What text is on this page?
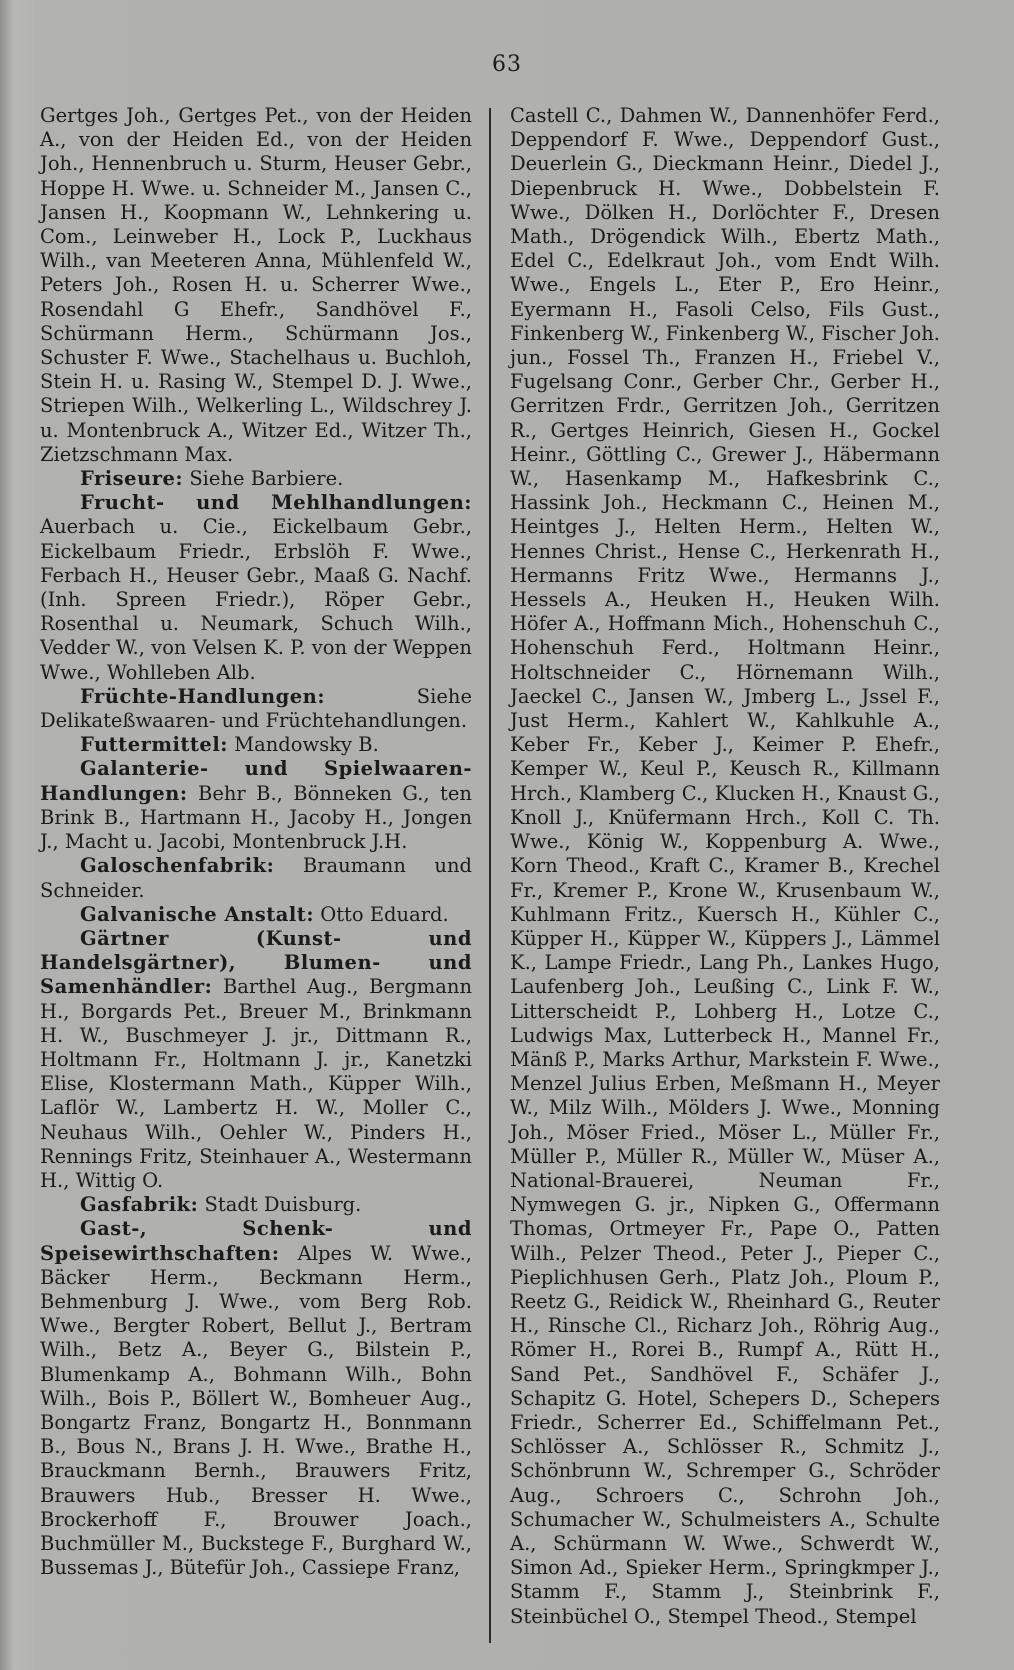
63

Gertges Joh., Gertges Pet., von der Heiden A., von der Heiden Ed., von der Heiden Joh., Hennenbruch u. Sturm, Heuser Gebr., Hoppe H. Wwe. u. Schneider M., Jansen C., Jansen H., Koopmann W., Lehnkering u. Com., Leinweber H., Lock P., Luckhaus Wilh., van Meeteren Anna, Mühlenfeld W., Peters Joh., Rosen H. u. Scherrer Wwe., Rosendahl G Ehefr., Sandhövel F., Schürmann Herm., Schürmann Jos., Schuster F. Wwe., Stachelhaus u. Buchloh, Stein H. u. Rasing W., Stempel D. J. Wwe., Striepen Wilh., Welkerling L., Wildschrey J. u. Montenbruck A., Witzer Ed., Witzer Th., Zietzschmann Max.

Friseure: Siehe Barbiere.

Frucht- und Mehlhandlungen: Auerbach u. Cie., Eickelbaum Gebr., Eickelbaum Friedr., Erbslöh F. Wwe., Ferbach H., Heuser Gebr., Maaß G. Nachf. (Inh. Spreen Friedr.), Röper Gebr., Rosenthal u. Neumark, Schuch Wilh., Vedder W., von Velsen K. P. von der Weppen Wwe., Wohlleben Alb.

Früchte-Handlungen:	Siehe Delikateßwaaren- und Früchtehandlungen.

Futtermittel: Mandowsky B.

Galanterie- und Spielwaaren-Handlungen: Behr B., Bönneken G., ten Brink B., Hartmann H., Jacoby H., Jongen J., Macht u. Jacobi, Montenbruck J.H.

Galoschenfabrik: Braumann und Schneider.

Galvanische Anstalt: Otto Eduard.

Gärtner (Kunst- und Handelsgärtner), Blumen- und Samenhändler: Barthel Aug., Bergmann H., Borgards Pet., Breuer M., Brinkmann H. W., Buschmeyer J. jr., Dittmann R., Holtmann Fr., Holtmann J. jr., Kanetzki Elise, Klostermann Math., Küpper Wilh., Laflör W., Lambertz H. W., Moller C., Neuhaus Wilh., Oehler W., Pinders H., Rennings Fritz, Steinhauer A., Westermann H., Wittig O.

Gasfabrik: Stadt Duisburg.

Gast-, Schenk- und Speisewirthschaften: Alpes W. Wwe., Bäcker Herm., Beckmann Herm., Behmenburg J. Wwe., vom Berg Rob. Wwe., Bergter Robert, Bellut J., Bertram Wilh., Betz A., Beyer G., Bilstein P., Blumenkamp A., Bohmann Wilh., Bohn Wilh., Bois P., Böllert W., Bomheuer Aug., Bongartz Franz, Bongartz H., Bonnmann B., Bous N., Brans J. H. Wwe., Brathe H., Brauckmann Bernh., Brauwers Fritz, Brauwers Hub., Bresser H. Wwe., Brockerhoff F., Brouwer Joach., Buchmüller M., Buckstege F., Burghard W., Bussemas J., Bütefür Joh., Cassiepe Franz,

Castell C., Dahmen W., Dannenhöfer Ferd., Deppendorf F. Wwe., Deppendorf Gust., Deuerlein G., Dieckmann Heinr., Diedel J., Diepenbruck H. Wwe., Dobbelstein F. Wwe., Dölken H., Dorlöchter F., Dresen Math., Drögendick Wilh., Ebertz Math., Edel C., Edelkraut Joh., vom Endt Wilh. Wwe., Engels L., Eter P., Ero Heinr., Eyermann H., Fasoli Celso, Fils Gust., Finkenberg W., Finkenberg W., Fischer Joh. jun., Fossel Th., Franzen H., Friebel V., Fugelsang Conr., Gerber Chr., Gerber H., Gerritzen Frdr., Gerritzen Joh., Gerritzen R., Gertges Heinrich, Giesen H., Gockel Heinr., Göttling C., Grewer J., Häbermann W., Hasenkamp M., Hafkesbrink C., Hassink Joh., Heckmann C., Heinen M., Heintges J., Helten Herm., Helten W., Hennes Christ., Hense C., Herkenrath H., Hermanns Fritz Wwe., Hermanns J., Hessels A., Heuken H., Heuken Wilh. Höfer A., Hoffmann Mich., Hohenschuh C., Hohenschuh Ferd., Holtmann Heinr., Holtschneider C., Hörnemann Wilh., Jaeckel C., Jansen W., Jmberg L., Jssel F., Just Herm., Kahlert W., Kahlkuhle A., Keber Fr., Keber J., Keimer P. Ehefr., Kemper W., Keul P., Keusch R., Killmann Hrch., Klamberg C., Klucken H., Knaust G., Knoll J., Knüfermann Hrch., Koll C. Th. Wwe., König W., Koppenburg A. Wwe., Korn Theod., Kraft C., Kramer B., Krechel Fr., Kremer P., Krone W., Krusenbaum W., Kuhlmann Fritz., Kuersch H., Kühler C., Küpper H., Küpper W., Küppers J., Lämmel K., Lampe Friedr., Lang Ph., Lankes Hugo, Laufenberg Joh., Leußing C., Link F. W., Litterscheidt P., Lohberg H., Lotze C., Ludwigs Max, Lutterbeck H., Mannel Fr., Mänß P., Marks Arthur, Markstein F. Wwe., Menzel Julius Erben, Meßmann H., Meyer W., Milz Wilh., Mölders J. Wwe., Monning Joh., Möser Fried., Möser L., Müller Fr., Müller P., Müller R., Müller W., Müser A., National-Brauerei, Neuman Fr., Nymwegen G. jr., Nipken G., Offermann Thomas, Ortmeyer Fr., Pape O., Patten Wilh., Pelzer Theod., Peter J., Pieper C., Pieplichhusen Gerh., Platz Joh., Ploum P., Reetz G., Reidick W., Rheinhard G., Reuter H., Rinsche Cl., Richarz Joh., Röhrig Aug., Römer H., Rorei B., Rumpf A., Rütt H., Sand Pet., Sandhövel F., Schäfer J., Schapitz G. Hotel, Schepers D., Schepers Friedr., Scherrer Ed., Schiffelmann Pet., Schlösser A., Schlösser R., Schmitz J., Schönbrunn W., Schremper G., Schröder Aug., Schroers C., Schrohn Joh., Schumacher W., Schulmeisters A., Schulte A., Schürmann W. Wwe., Schwerdt W., Simon Ad., Spieker Herm., Springkmper J., Stamm F., Stamm J., Steinbrink F., Steinbüchel O., Stempel Theod., Stempel
